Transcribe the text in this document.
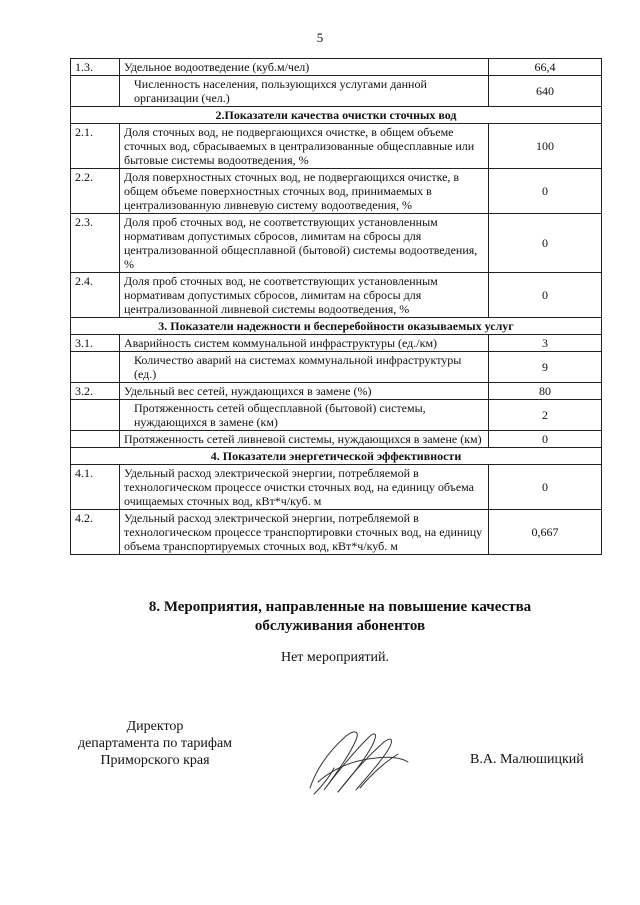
5
1.3.	Удельное водоотведение (куб.м/чел)	66,4
	Численность населения, пользующихся услугами данной организации (чел.)	640
2.Показатели качества очистки сточных вод		
2.1.	Доля сточных вод, не подвергающихся очистке, в общем объеме сточных вод, сбрасываемых в централизованные общесплавные или бытовые системы водоотведения, %	100
2.2.	Доля поверхностных сточных вод, не подвергающихся очистке, в общем объеме поверхностных сточных вод, принимаемых в централизованную ливневую систему водоотведения, %	0
2.3.	Доля проб сточных вод, не соответствующих установленным нормативам допустимых сбросов, лимитам на сбросы для централизованной общесплавной (бытовой) системы водоотведения, %	0
2.4.	Доля проб сточных вод, не соответствующих установленным нормативам допустимых сбросов, лимитам на сбросы для централизованной ливневой системы водоотведения, %	0
3. Показатели надежности и бесперебойности оказываемых услуг		
3.1.	Аварийность систем коммунальной инфраструктуры (ед./км)	3
	Количество аварий на системах коммунальной инфраструктуры (ед.)	9
3.2.	Удельный вес сетей, нуждающихся в замене (%)	80
	Протяженность сетей общесплавной (бытовой) системы, нуждающихся в замене (км)	2
	Протяженность сетей ливневой системы, нуждающихся в замене (км)	0
4. Показатели энергетической эффективности		
4.1.	Удельный расход электрической энергии, потребляемой в технологическом процессе очистки сточных вод, на единицу объема очищаемых сточных вод, кВт*ч/куб. м	0
4.2.	Удельный расход электрической энергии, потребляемой в технологическом процессе транспортировки сточных вод, на единицу объема транспортируемых сточных вод, кВт*ч/куб. м	0,667
8. Мероприятия, направленные на повышение качества
обслуживания абонентов
Нет мероприятий.
Директор
департамента по тарифам
Приморского края	В.А. Малюшицкий
